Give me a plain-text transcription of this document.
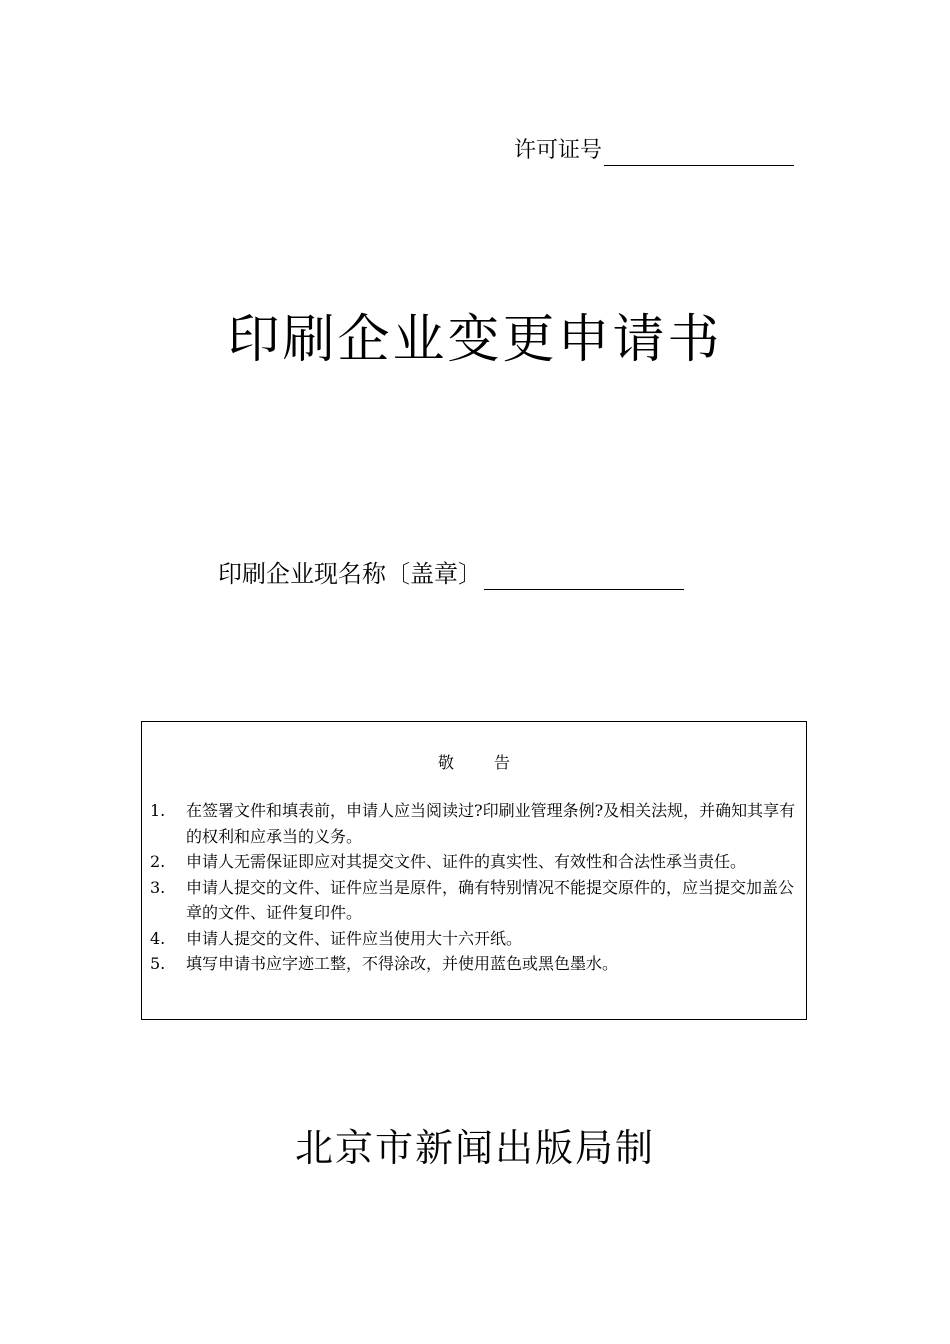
许可证号
印刷企业变更申请书
印刷企业现名称〔盖章〕
敬告
1. 在签署文件和填表前，申请人应当阅读过?印刷业管理条例?及相关法规，并确知其享有的权利和应承当的义务。
2. 申请人无需保证即应对其提交文件、证件的真实性、有效性和合法性承当责任。
3. 申请人提交的文件、证件应当是原件，确有特别情况不能提交原件的，应当提交加盖公章的文件、证件复印件。
4. 申请人提交的文件、证件应当使用大十六开纸。
5. 填写申请书应字迹工整，不得涂改，并使用蓝色或黑色墨水。
北京市新闻出版局制
